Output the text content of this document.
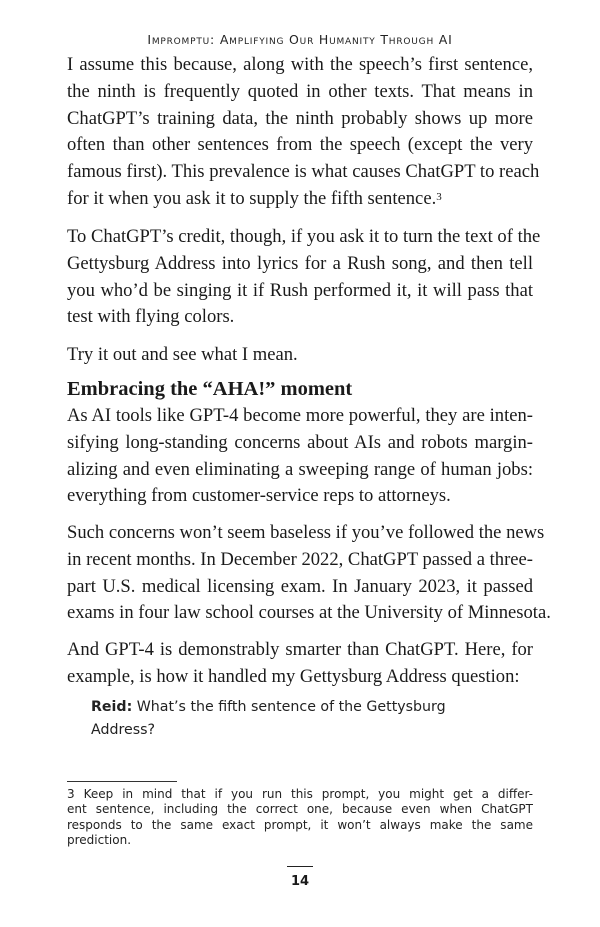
Impromptu: Amplifying Our Humanity Through AI
I assume this because, along with the speech’s first sentence,
the ninth is frequently quoted in other texts. That means in
ChatGPT’s training data, the ninth probably shows up more
often than other sentences from the speech (except the very
famous first). This prevalence is what causes ChatGPT to reach
for it when you ask it to supply the fifth sentence.$^3$
To ChatGPT’s credit, though, if you ask it to turn the text of the
Gettysburg Address into lyrics for a Rush song, and then tell
you who’d be singing it if Rush performed it, it will pass that
test with flying colors.
Try it out and see what I mean.
As AI tools like GPT-4 become more powerful, they are inten-
sifying long-standing concerns about AIs and robots margin-
alizing and even eliminating a sweeping range of human jobs:
everything from customer-service reps to attorneys.
Such concerns won’t seem baseless if you’ve followed the news
in recent months. In December 2022, ChatGPT passed a three-
part U.S. medical licensing exam. In January 2023, it passed
exams in four law school courses at the University of Minnesota.
And GPT-4 is demonstrably smarter than ChatGPT. Here, for
example, is how it handled my Gettysburg Address question:
Embracing the “AHA!” moment
Reid: What’s the fifth sentence of the Gettysburg
Address?
3 Keep in mind that if you run this prompt, you might get a differ-
ent sentence, including the correct one, because even when ChatGPT
responds to the same exact prompt, it won’t always make the same
prediction.
14
